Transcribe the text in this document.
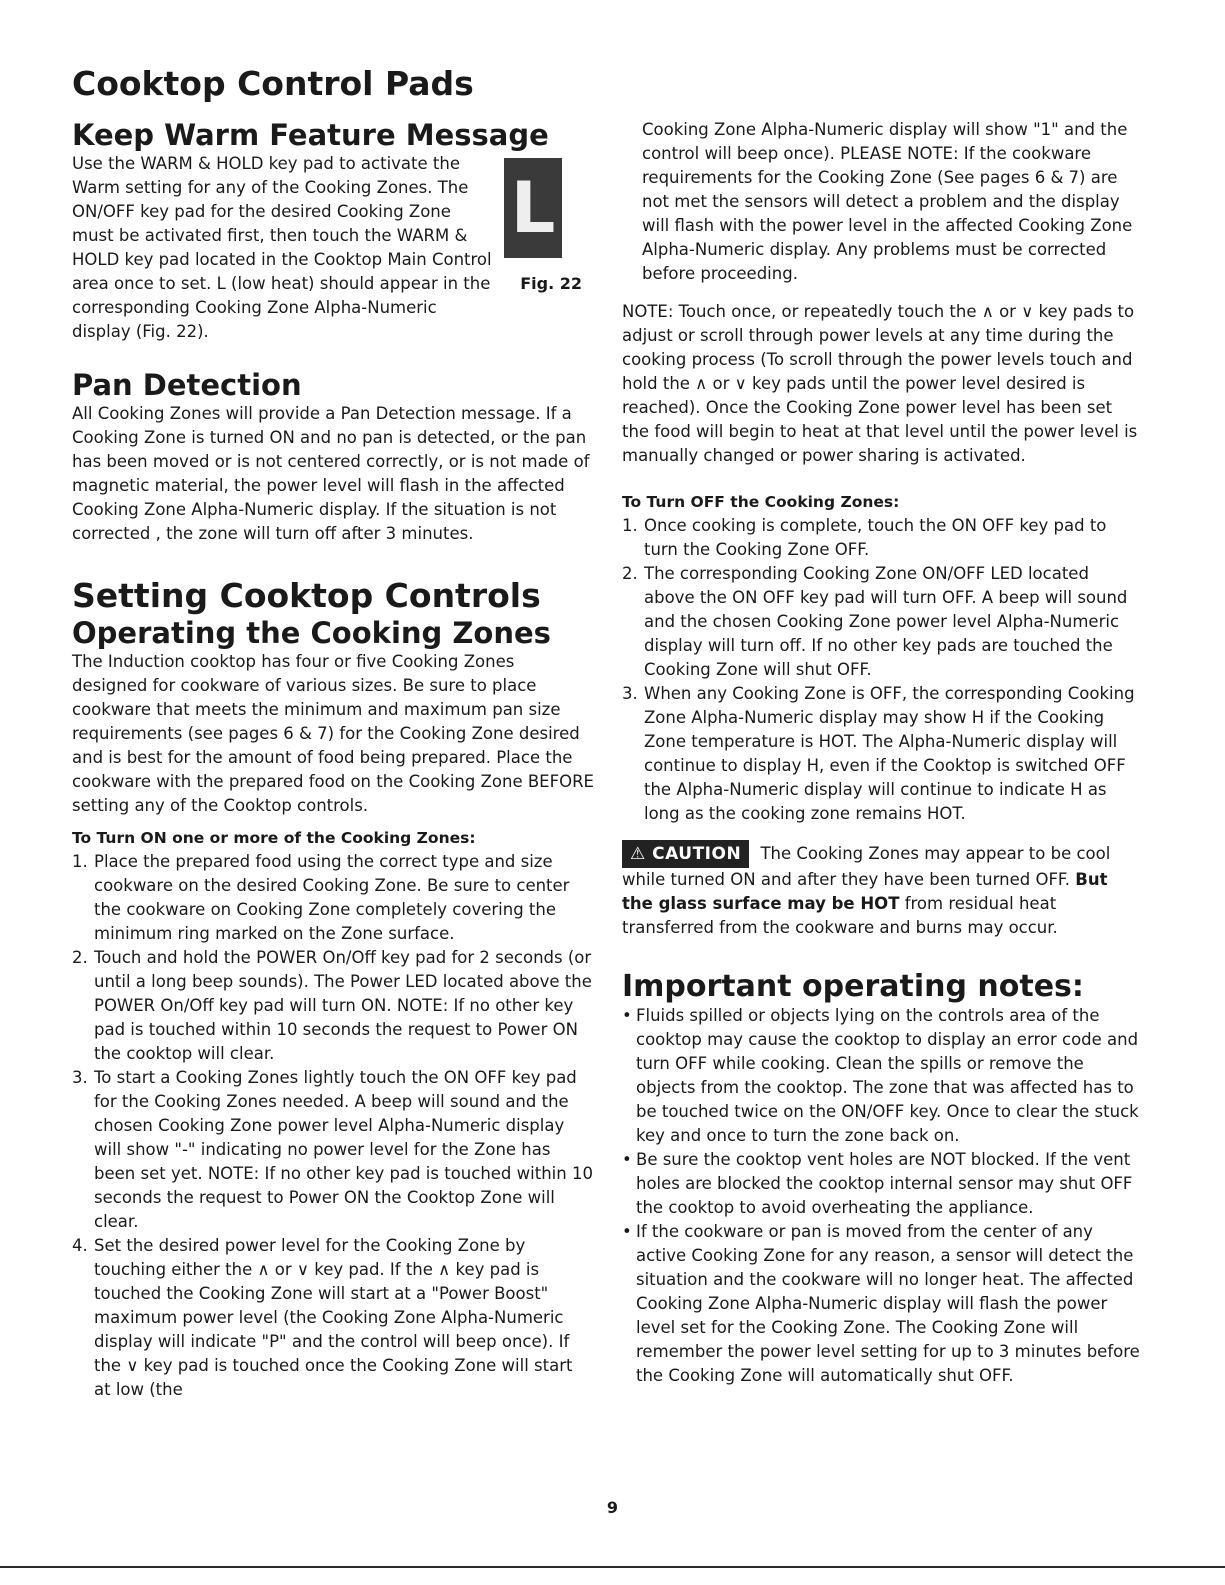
Cooktop Control Pads
Keep Warm Feature Message

Use the WARM & HOLD key pad to activate the Warm setting for any of the Cooking Zones. The ON/OFF key pad for the desired Cooking Zone must be activated first, then touch the WARM & HOLD key pad located in the Cooktop Main Control area once to set. L (low heat) should appear in the corresponding Cooking Zone Alpha-Numeric display (Fig. 22).

L
Fig. 22
Pan Detection

All Cooking Zones will provide a Pan Detection message. If a Cooking Zone is turned ON and no pan is detected, or the pan has been moved or is not centered correctly, or is not made of magnetic material, the power level will flash in the affected Cooking Zone Alpha-Numeric display. If the situation is not corrected , the zone will turn off after 3 minutes.

Setting Cooktop Controls
Operating the Cooking Zones

The Induction cooktop has four or five Cooking Zones designed for cookware of various sizes. Be sure to place cookware that meets the minimum and maximum pan size requirements (see pages 6 & 7) for the Cooking Zone desired and is best for the amount of food being prepared. Place the cookware with the prepared food on the Cooking Zone BEFORE setting any of the Cooktop controls.

To Turn ON one or more of the Cooking Zones:
1. Place the prepared food using the correct type and size cookware on the desired Cooking Zone. Be sure to center the cookware on Cooking Zone completely covering the minimum ring marked on the Zone surface.
2. Touch and hold the POWER On/Off key pad for 2 seconds (or until a long beep sounds). The Power LED located above the POWER On/Off key pad will turn ON. NOTE: If no other key pad is touched within 10 seconds the request to Power ON the cooktop will clear.
3. To start a Cooking Zones lightly touch the ON OFF key pad for the Cooking Zones needed. A beep will sound and the chosen Cooking Zone power level Alpha-Numeric display will show "-" indicating no power level for the Zone has been set yet. NOTE: If no other key pad is touched within 10 seconds the request to Power ON the Cooktop Zone will clear.
4. Set the desired power level for the Cooking Zone by touching either the ∧ or ∨ key pad. If the ∧ key pad is touched the Cooking Zone will start at a "Power Boost" maximum power level (the Cooking Zone Alpha-Numeric display will indicate "P" and the control will beep once). If the ∨ key pad is touched once the Cooking Zone will start at low (the

Cooking Zone Alpha-Numeric display will show "1" and the control will beep once). PLEASE NOTE: If the cookware requirements for the Cooking Zone (See pages 6 & 7) are not met the sensors will detect a problem and the display will flash with the power level in the affected Cooking Zone Alpha-Numeric display. Any problems must be corrected before proceeding.

NOTE: Touch once, or repeatedly touch the ∧ or ∨ key pads to adjust or scroll through power levels at any time during the cooking process (To scroll through the power levels touch and hold the ∧ or ∨ key pads until the power level desired is reached). Once the Cooking Zone power level has been set the food will begin to heat at that level until the power level is manually changed or power sharing is activated.

To Turn OFF the Cooking Zones:
1. Once cooking is complete, touch the ON OFF key pad to turn the Cooking Zone OFF.
2. The corresponding Cooking Zone ON/OFF LED located above the ON OFF key pad will turn OFF. A beep will sound and the chosen Cooking Zone power level Alpha-Numeric display will turn off. If no other key pads are touched the Cooking Zone will shut OFF.
3. When any Cooking Zone is OFF, the corresponding Cooking Zone Alpha-Numeric display may show H if the Cooking Zone temperature is HOT. The Alpha-Numeric display will continue to display H, even if the Cooktop is switched OFF the Alpha-Numeric display will continue to indicate H as long as the cooking zone remains HOT.

⚠ CAUTION The Cooking Zones may appear to be cool while turned ON and after they have been turned OFF. But the glass surface may be HOT from residual heat transferred from the cookware and burns may occur.

Important operating notes:
• Fluids spilled or objects lying on the controls area of the cooktop may cause the cooktop to display an error code and turn OFF while cooking. Clean the spills or remove the objects from the cooktop. The zone that was affected has to be touched twice on the ON/OFF key. Once to clear the stuck key and once to turn the zone back on.
• Be sure the cooktop vent holes are NOT blocked. If the vent holes are blocked the cooktop internal sensor may shut OFF the cooktop to avoid overheating the appliance.
• If the cookware or pan is moved from the center of any active Cooking Zone for any reason, a sensor will detect the situation and the cookware will no longer heat. The affected Cooking Zone Alpha-Numeric display will flash the power level set for the Cooking Zone. The Cooking Zone will remember the power level setting for up to 3 minutes before the Cooking Zone will automatically shut OFF.
9
